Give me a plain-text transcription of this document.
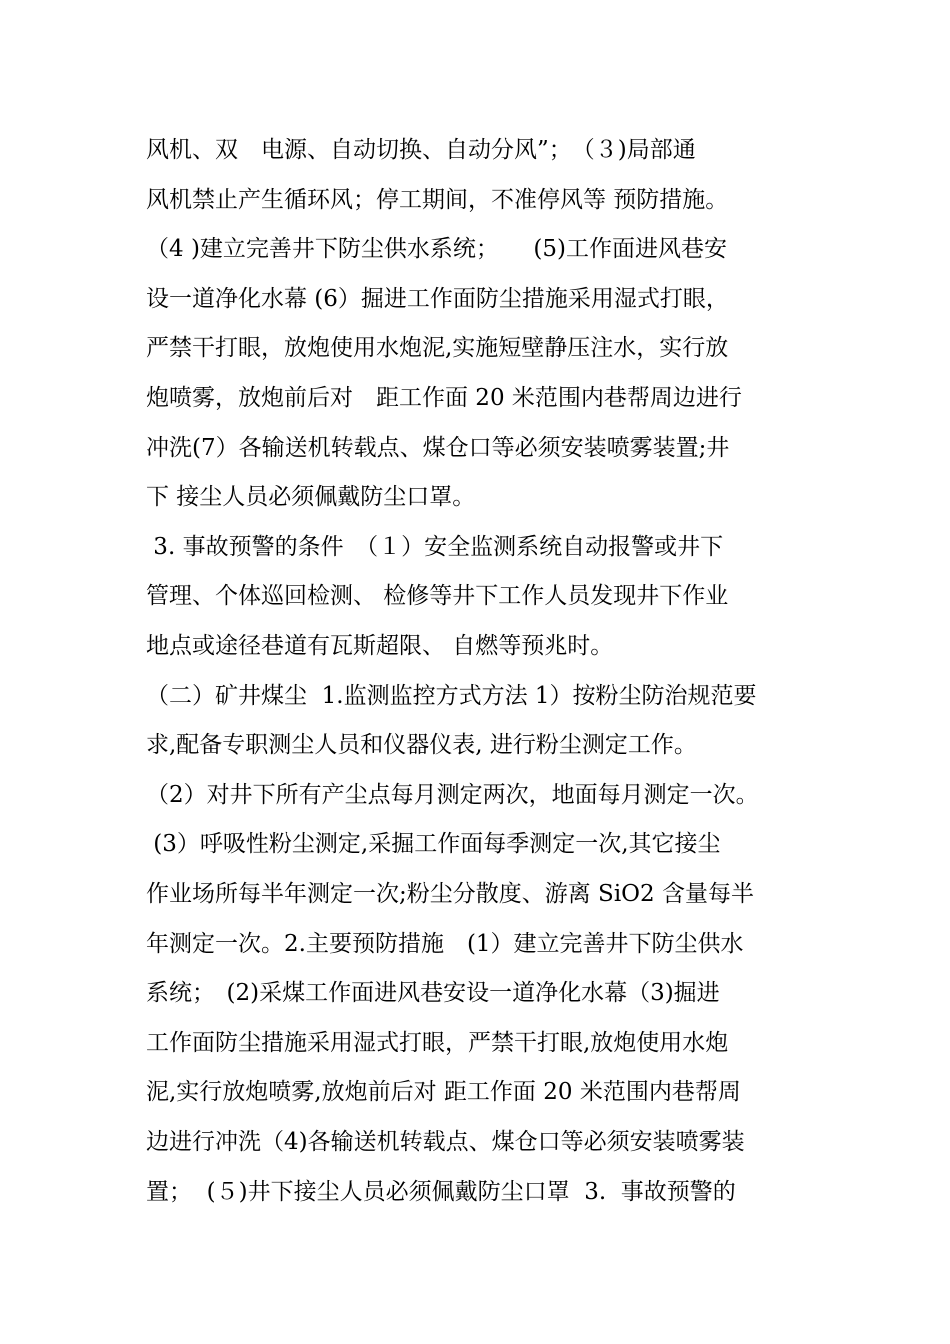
风机、双　电源、自动切换、自动分风”；　（３)局部通
风机禁止产生循环风；停工期间，不准停风等 预防措施。
（4 )建立完善井下防尘供水系统；　　(5)工作面进风巷安
设一道净化水幕 (6）掘进工作面防尘措施采用湿式打眼，
严禁干打眼，放炮使用水炮泥,实施短壁静压注水，实行放
炮喷雾，放炮前后对　距工作面 20 米范围内巷帮周边进行
冲洗(7）各输送机转载点、煤仓口等必须安装喷雾装置;井
下 接尘人员必须佩戴防尘口罩。
3. 事故预警的条件　（１）安全监测系统自动报警或井下
管理、个体巡回检测、 检修等井下工作人员发现井下作业
地点或途径巷道有瓦斯超限、 自燃等预兆时。
（二）矿井煤尘  1.监测监控方式方法 1）按粉尘防治规范要
求,配备专职测尘人员和仪器仪表, 进行粉尘测定工作。
（2）对井下所有产尘点每月测定两次，地面每月测定一次。
(3）呼吸性粉尘测定,采掘工作面每季测定一次,其它接尘
作业场所每半年测定一次;粉尘分散度、游离 SiO2 含量每半
年测定一次。2.主要预防措施　(1）建立完善井下防尘供水
系统；　(2)采煤工作面进风巷安设一道净化水幕（3)掘进
工作面防尘措施采用湿式打眼，严禁干打眼,放炮使用水炮
泥,实行放炮喷雾,放炮前后对 距工作面 20 米范围内巷帮周
边进行冲洗（4)各输送机转载点、煤仓口等必须安装喷雾装
置；  (５)井下接尘人员必须佩戴防尘口罩  3.  事故预警的
